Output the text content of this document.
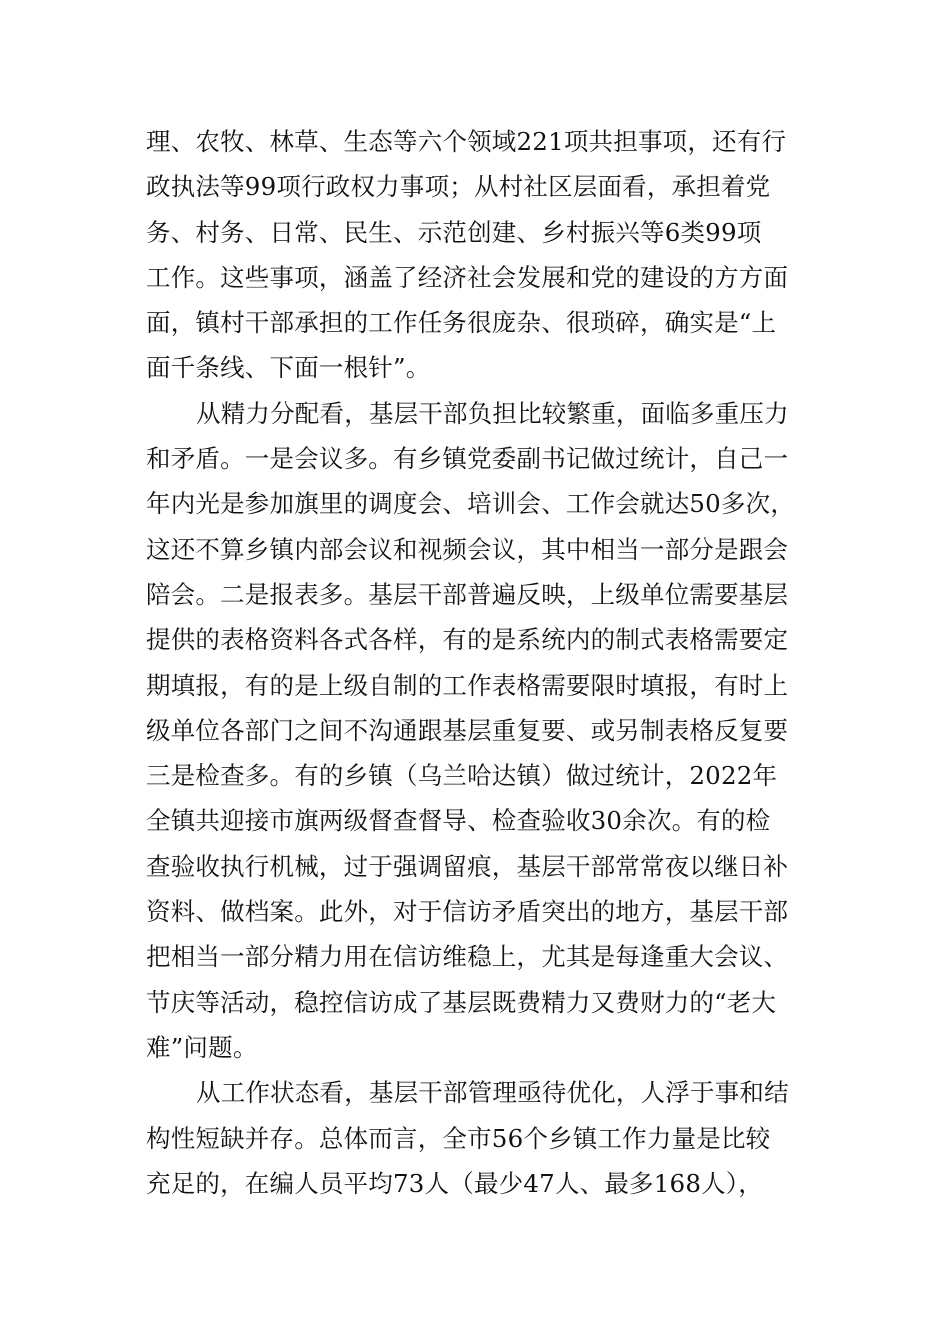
理、农牧、林草、生态等六个领域221项共担事项，还有行
政执法等99项行政权力事项；从村社区层面看，承担着党
务、村务、日常、民生、示范创建、乡村振兴等6类99项
工作。这些事项，涵盖了经济社会发展和党的建设的方方面
面，镇村干部承担的工作任务很庞杂、很琐碎，确实是“上
面千条线、下面一根针”。
从精力分配看，基层干部负担比较繁重，面临多重压力
和矛盾。一是会议多。有乡镇党委副书记做过统计，自己一
年内光是参加旗里的调度会、培训会、工作会就达50多次，
这还不算乡镇内部会议和视频会议，其中相当一部分是跟会
陪会。二是报表多。基层干部普遍反映，上级单位需要基层
提供的表格资料各式各样，有的是系统内的制式表格需要定
期填报，有的是上级自制的工作表格需要限时填报，有时上
级单位各部门之间不沟通跟基层重复要、或另制表格反复要
三是检查多。有的乡镇（乌兰哈达镇）做过统计，2022年
全镇共迎接市旗两级督查督导、检查验收30余次。有的检
查验收执行机械，过于强调留痕，基层干部常常夜以继日补
资料、做档案。此外，对于信访矛盾突出的地方，基层干部
把相当一部分精力用在信访维稳上，尤其是每逢重大会议、
节庆等活动，稳控信访成了基层既费精力又费财力的“老大
难”问题。
从工作状态看，基层干部管理亟待优化，人浮于事和结
构性短缺并存。总体而言，全市56个乡镇工作力量是比较
充足的，在编人员平均73人（最少47人、最多168人），
